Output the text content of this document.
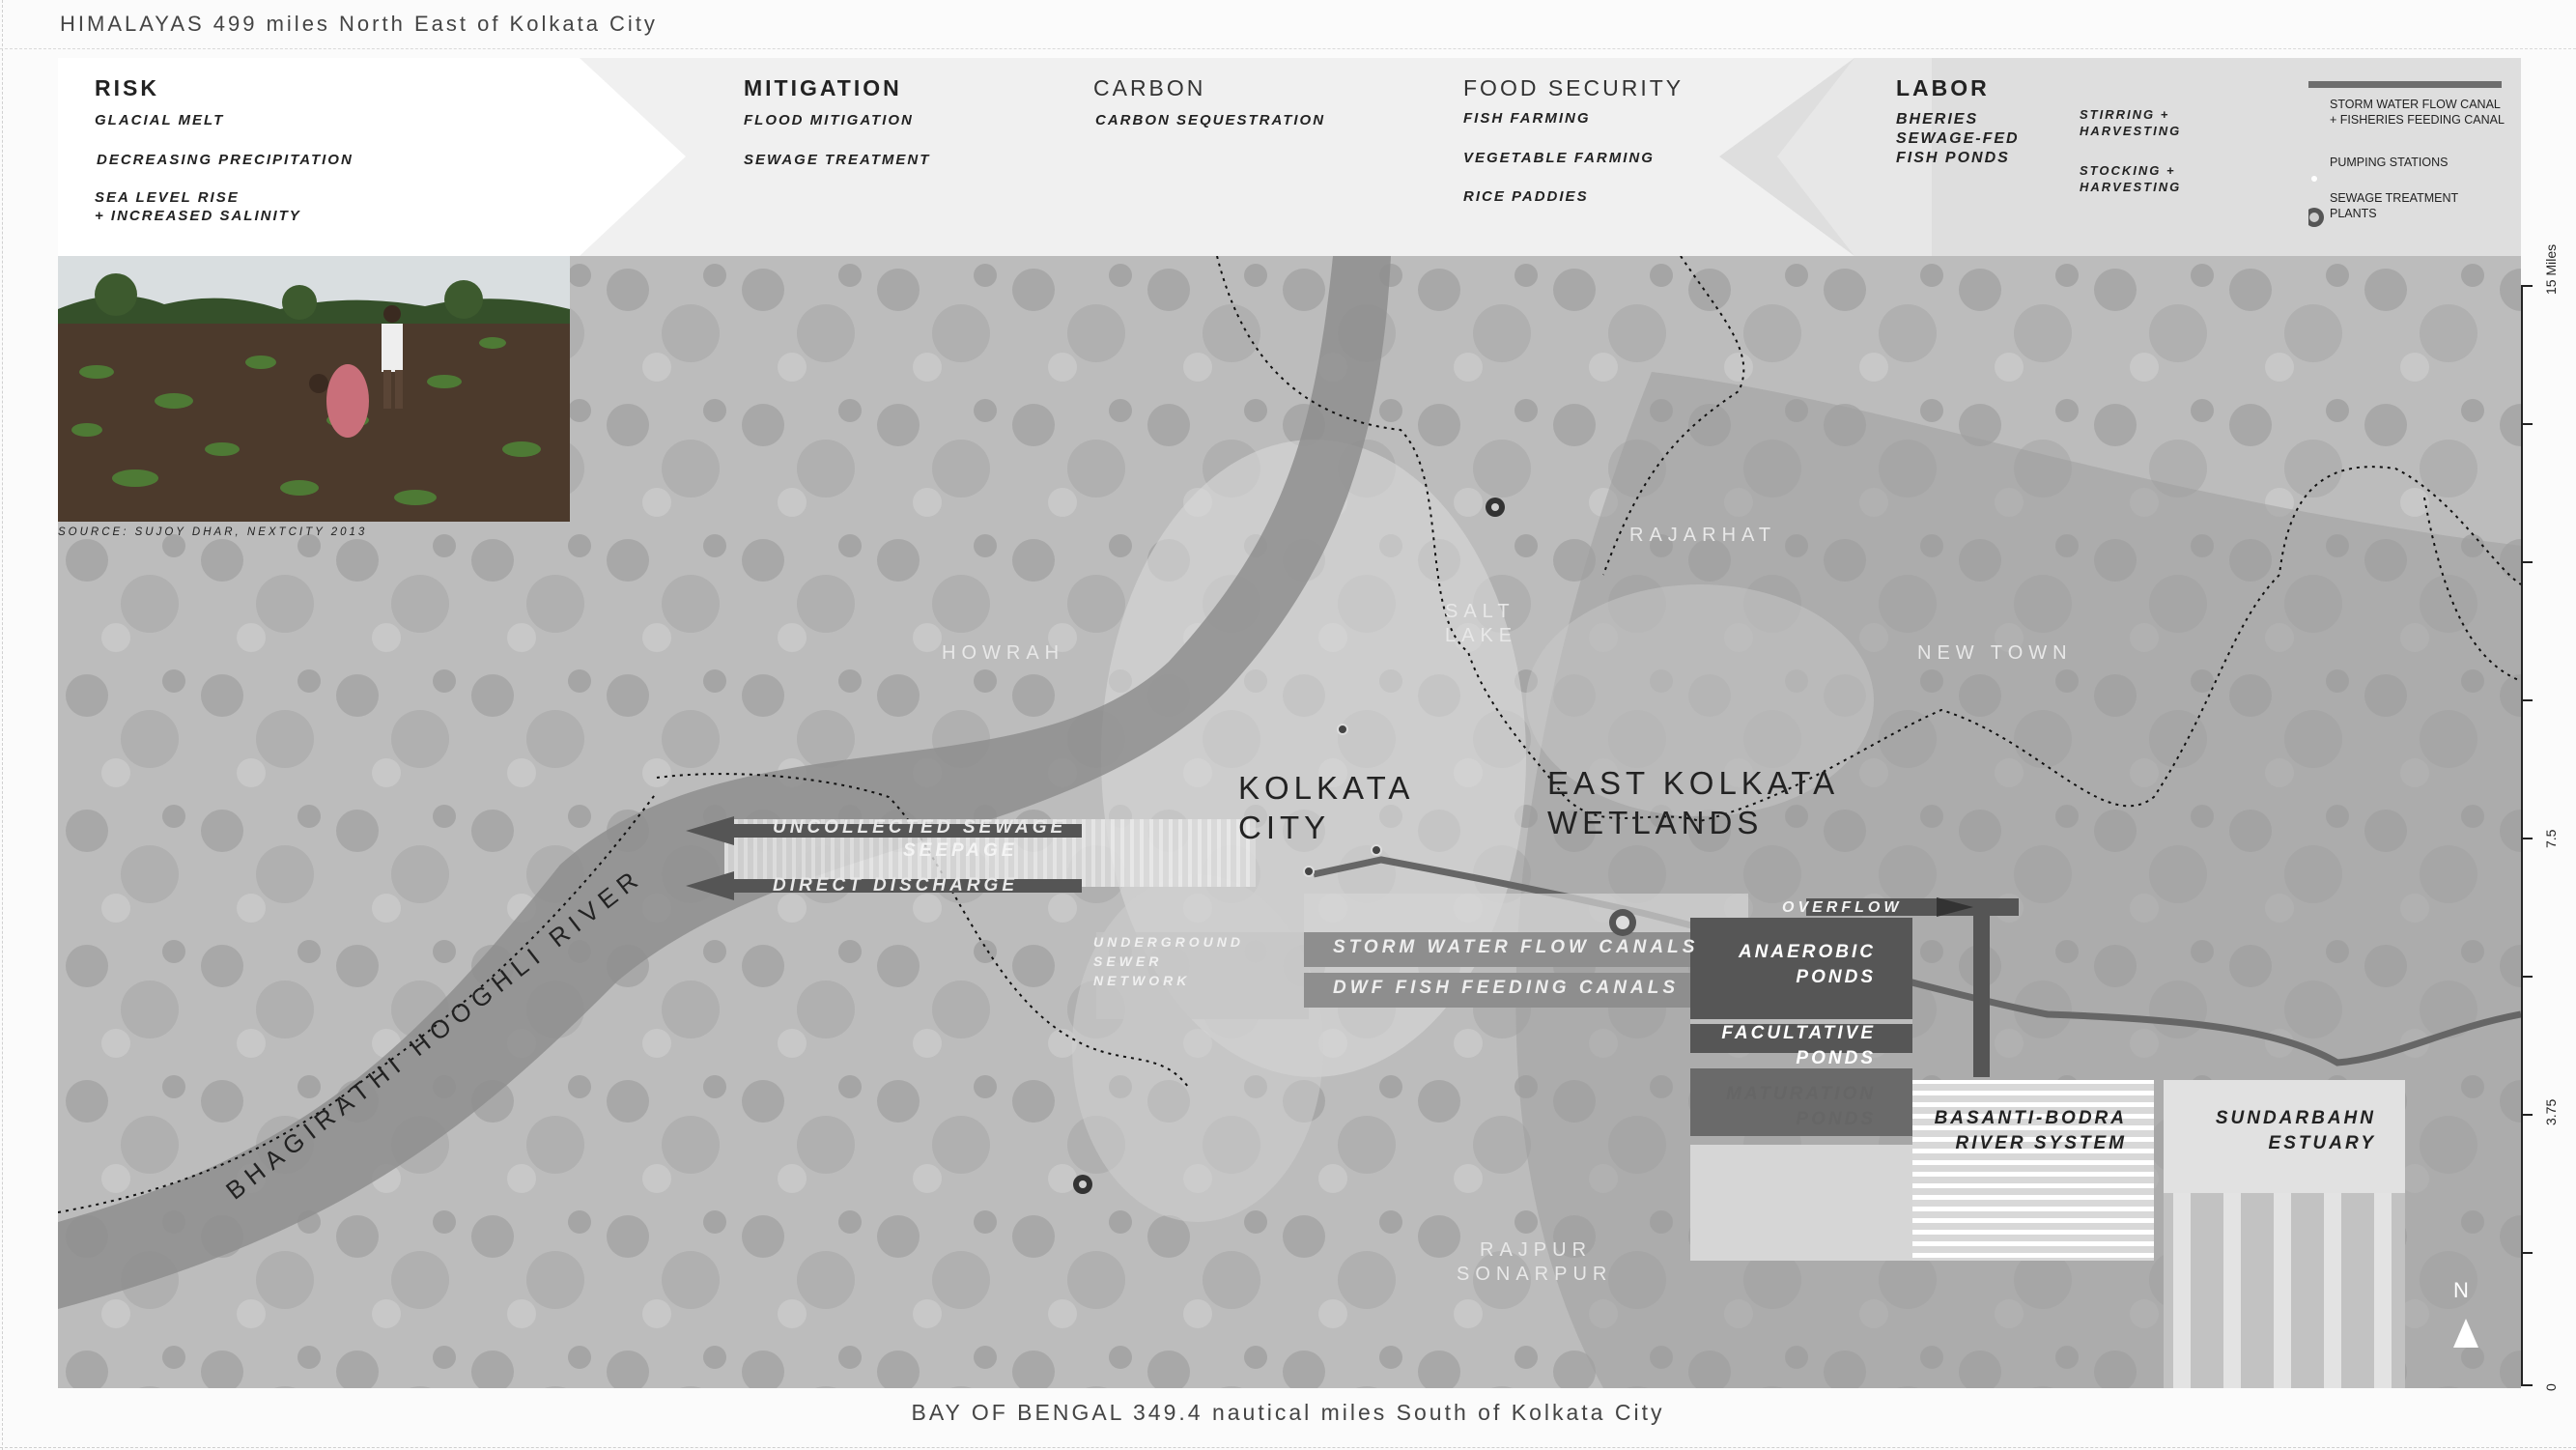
HIMALAYAS 499 miles North East of Kolkata City
RISK
GLACIAL MELT
DECREASING PRECIPITATION
SEA LEVEL RISE
+ INCREASED SALINITY
MITIGATION
FLOOD MITIGATION
SEWAGE TREATMENT
CARBON
CARBON SEQUESTRATION
FOOD SECURITY
FISH FARMING
VEGETABLE FARMING
RICE PADDIES
LABOR
BHERIES
SEWAGE-FED
FISH PONDS
STIRRING +
HARVESTING
STOCKING +
HARVESTING
STORM WATER FLOW CANAL
+ FISHERIES FEEDING CANAL
PUMPING STATIONS
SEWAGE TREATMENT
PLANTS
RAJARHAT
SALT
LAKE
HOWRAH	NEW TOWN
RAJPUR
SONARPUR
KOLKATA
CITY
EAST KOLKATA
WETLANDS
BHAGIRATHI HOOGHLI RIVER
UNCOLLECTED SEWAGE
SEEPAGE
DIRECT DISCHARGE
UNDERGROUND
SEWER
NETWORK
STORM WATER FLOW CANALS
DWF FISH FEEDING CANALS
OVERFLOW
ANAEROBIC
PONDS
FACULTATIVE
PONDS
MATURATION
PONDS	BASANTI-BODRA
RIVER SYSTEM
SUNDARBAHN
ESTUARY
N
SOURCE: SUJOY DHAR, NEXTCITY 2013
15 Miles
7.5
3.75
0
BAY OF BENGAL 349.4 nautical miles South of Kolkata City
